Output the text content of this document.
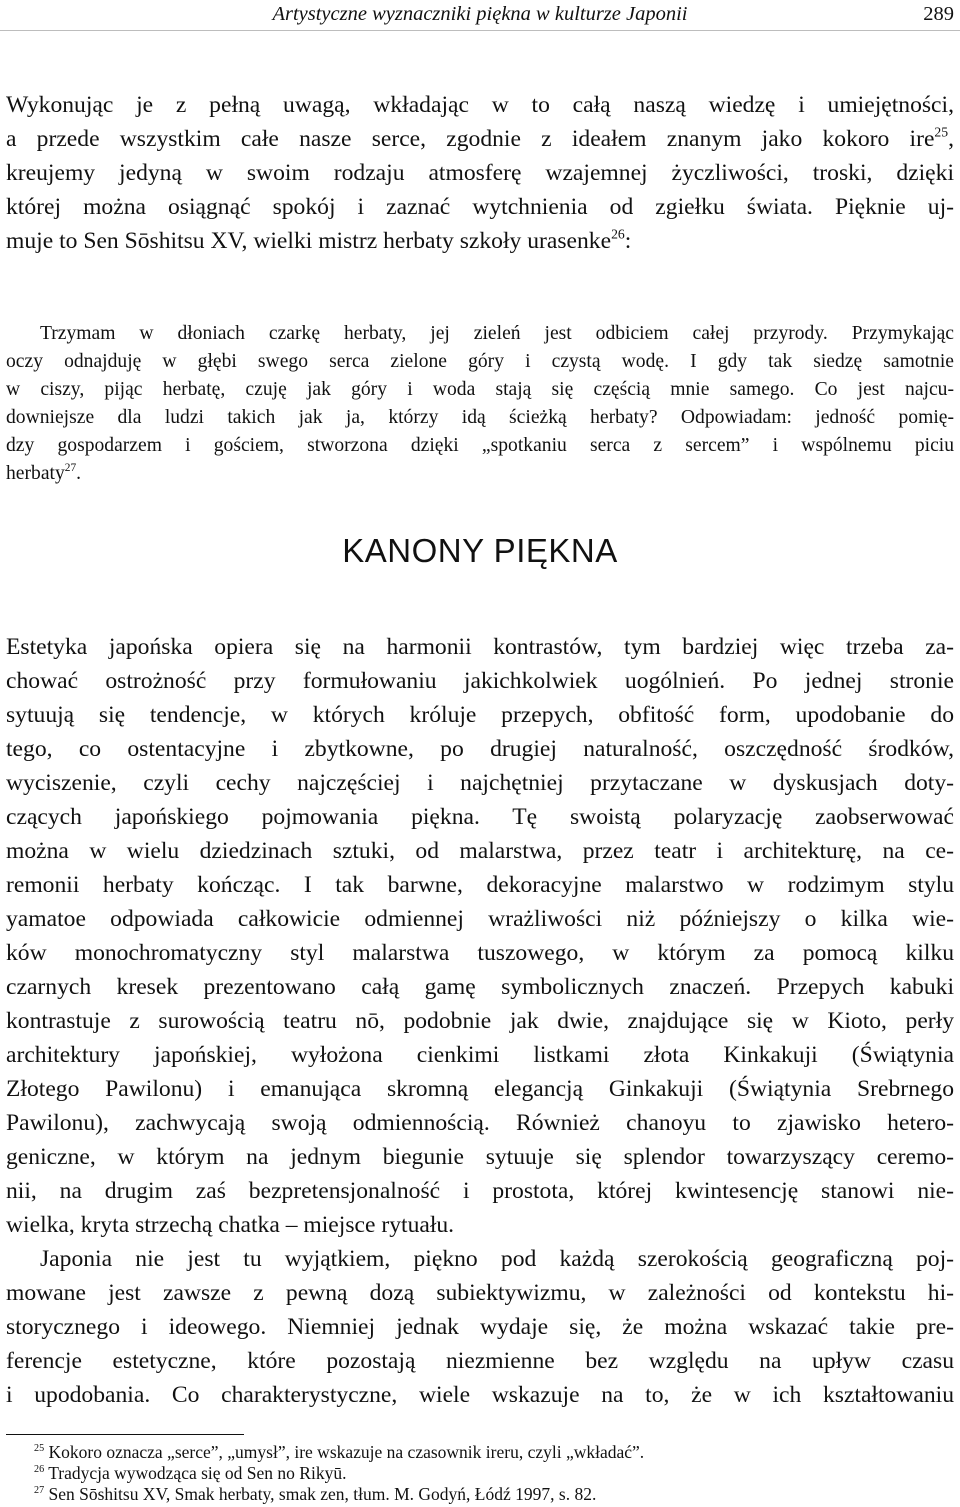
Artystyczne wyznaczniki piękna w kulturze Japonii	289
Wykonując je z pełną uwagą, wkładając w to całą naszą wiedzę i umiejętności,
a przede wszystkim całe nasze serce, zgodnie z ideałem znanym jako kokoro ire$^{25}$,
kreujemy jedyną w swoim rodzaju atmosferę wzajemnej życzliwości, troski, dzięki
której można osiągnąć spokój i zaznać wytchnienia od zgiełku świata. Pięknie uj-
muje to Sen Sōshitsu XV, wielki mistrz herbaty szkoły urasenke$^{26}$:
Trzymam w dłoniach czarkę herbaty, jej zieleń jest odbiciem całej przyrody. Przymykając
oczy odnajduję w głębi swego serca zielone góry i czystą wodę. I gdy tak siedzę samotnie
w ciszy, pijąc herbatę, czuję jak góry i woda stają się częścią mnie samego. Co jest najcu-
downiejsze dla ludzi takich jak ja, którzy idą ścieżką herbaty? Odpowiadam: jedność pomię-
dzy gospodarzem i gościem, stworzona dzięki „spotkaniu serca z sercem” i wspólnemu piciu
herbaty$^{27}$.
KANONY PIĘKNA
Estetyka japońska opiera się na harmonii kontrastów, tym bardziej więc trzeba za-
chować ostrożność przy formułowaniu jakichkolwiek uogólnień. Po jednej stronie
sytuują się tendencje, w których króluje przepych, obfitość form, upodobanie do
tego, co ostentacyjne i zbytkowne, po drugiej naturalność, oszczędność środków,
wyciszenie, czyli cechy najczęściej i najchętniej przytaczane w dyskusjach doty-
czących japońskiego pojmowania piękna. Tę swoistą polaryzację zaobserwować
można w wielu dziedzinach sztuki, od malarstwa, przez teatr i architekturę, na ce-
remonii herbaty kończąc. I tak barwne, dekoracyjne malarstwo w rodzimym stylu
yamatoe odpowiada całkowicie odmiennej wrażliwości niż późniejszy o kilka wie-
ków monochromatyczny styl malarstwa tuszowego, w którym za pomocą kilku
czarnych kresek prezentowano całą gamę symbolicznych znaczeń. Przepych kabuki
kontrastuje z surowością teatru nō, podobnie jak dwie, znajdujące się w Kioto, perły
architektury japońskiej, wyłożona cienkimi listkami złota Kinkakuji (Świątynia
Złotego Pawilonu) i emanująca skromną elegancją Ginkakuji (Świątynia Srebrnego
Pawilonu), zachwycają swoją odmiennością. Również chanoyu to zjawisko hetero-
geniczne, w którym na jednym biegunie sytuuje się splendor towarzyszący ceremo-
nii, na drugim zaś bezpretensjonalność i prostota, której kwintesencję stanowi nie-
wielka, kryta strzechą chatka – miejsce rytuału.
Japonia nie jest tu wyjątkiem, piękno pod każdą szerokością geograficzną poj-
mowane jest zawsze z pewną dozą subiektywizmu, w zależności od kontekstu hi-
storycznego i ideowego. Niemniej jednak wydaje się, że można wskazać takie pre-
ferencje estetyczne, które pozostają niezmienne bez względu na upływ czasu
i upodobania. Co charakterystyczne, wiele wskazuje na to, że w ich kształtowaniu
$^{25}$ Kokoro oznacza „serce”, „umysł”, ire wskazuje na czasownik ireru, czyli „wkładać”.
$^{26}$ Tradycja wywodząca się od Sen no Rikyū.
$^{27}$ Sen Sōshitsu XV, Smak herbaty, smak zen, tłum. M. Godyń, Łódź 1997, s. 82.
